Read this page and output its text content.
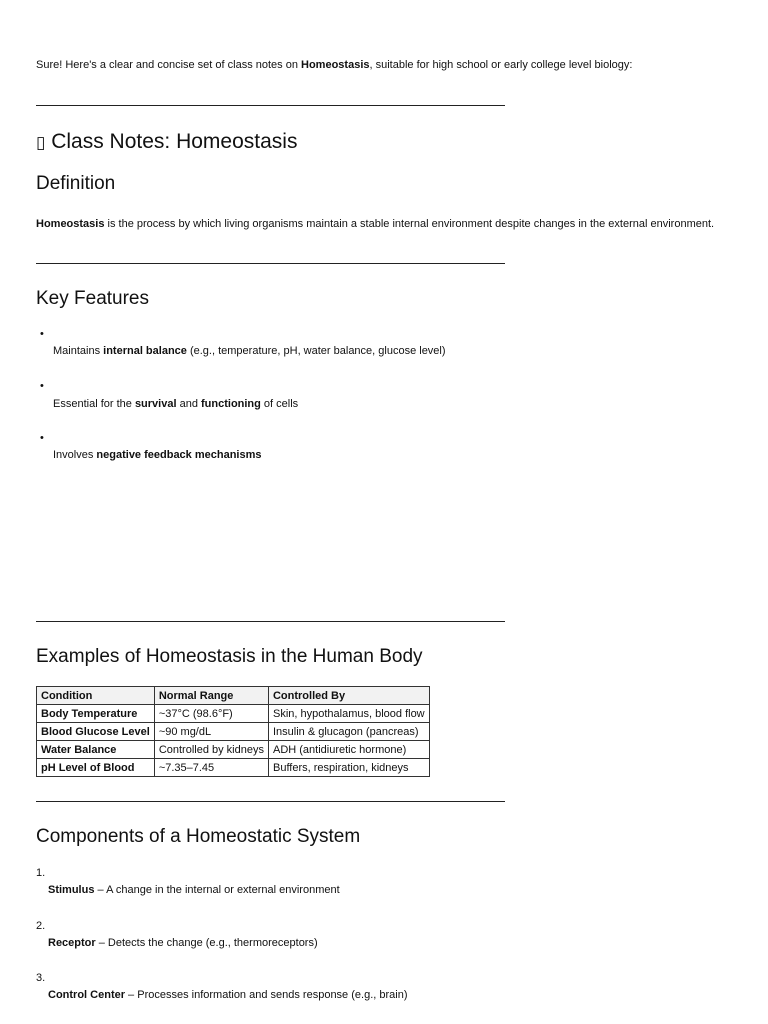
Sure! Here's a clear and concise set of class notes on Homeostasis, suitable for high school or early college level biology:
▯ Class Notes: Homeostasis
Definition
Homeostasis is the process by which living organisms maintain a stable internal environment despite changes in the external environment.
Key Features
•
Maintains internal balance (e.g., temperature, pH, water balance, glucose level)
•
Essential for the survival and functioning of cells
•
Involves negative feedback mechanisms
Examples of Homeostasis in the Human Body
Condition	Normal Range	Controlled By
Body Temperature	~37°C (98.6°F)	Skin, hypothalamus, blood flow
Blood Glucose Level	~90 mg/dL	Insulin & glucagon (pancreas)
Water Balance	Controlled by kidneys	ADH (antidiuretic hormone)
pH Level of Blood	~7.35–7.45	Buffers, respiration, kidneys
Components of a Homeostatic System
1.
Stimulus – A change in the internal or external environment
2.
Receptor – Detects the change (e.g., thermoreceptors)
3.
Control Center – Processes information and sends response (e.g., brain)
